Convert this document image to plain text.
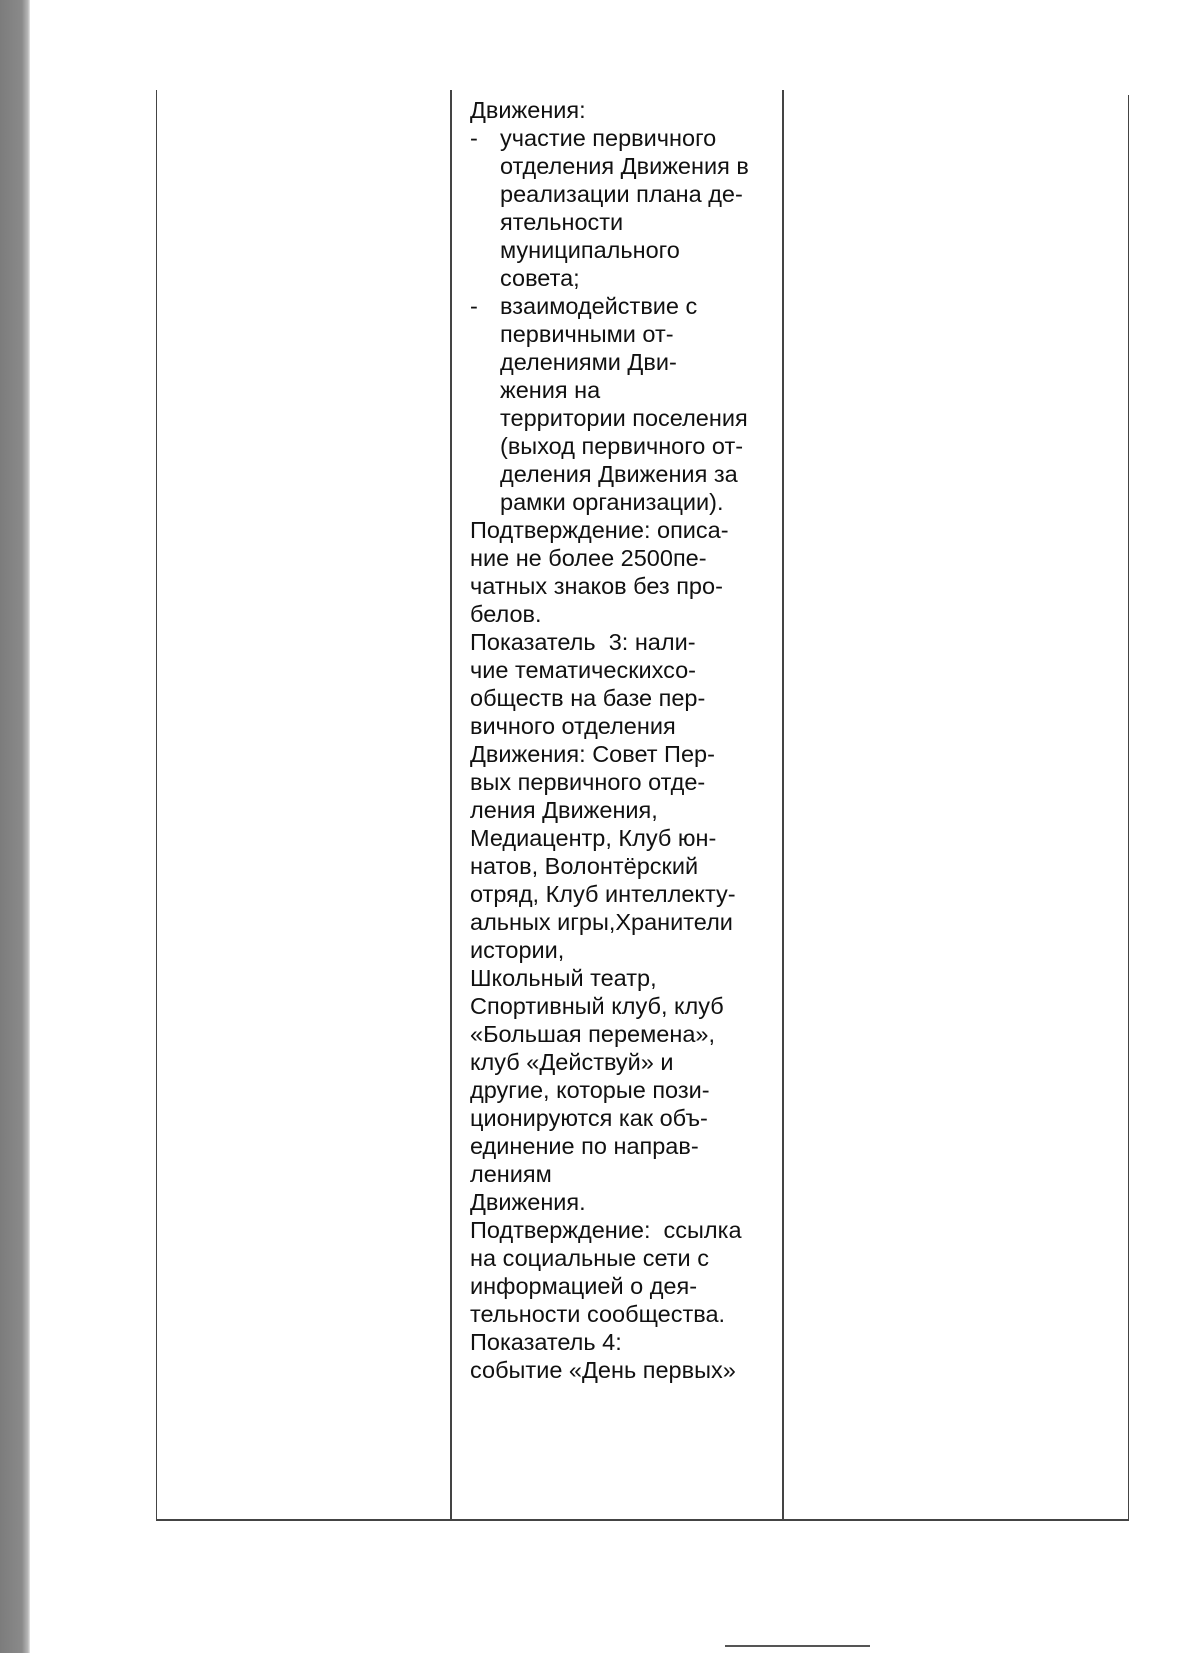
Движения:
- участие первичного
отделения Движения в
реализации плана де-
ятельности
муниципального
совета;
- взаимодействие с
первичными от-
делениями Дви-
жения на
территории поселения
(выход первичного от-
деления Движения за
рамки организации).
Подтверждение: описа-
ние не более 2500пе-
чатных знаков без про-
белов.
Показатель  3: нали-
чие тематическихсо-
обществ на базе пер-
вичного отделения
Движения: Совет Пер-
вых первичного отде-
ления Движения,
Медиацентр, Клуб юн-
натов, Волонтёрский
отряд, Клуб интеллекту-
альных игры,Хранители
истории,
Школьный театр,
Спортивный клуб, клуб
«Большая перемена»,
клуб «Действуй» и
другие, которые пози-
ционируются как объ-
единение по направ-
лениям
Движения.
Подтверждение:  ссылка
на социальные сети с
информацией о дея-
тельности сообщества.
Показатель 4:
событие «День первых»
